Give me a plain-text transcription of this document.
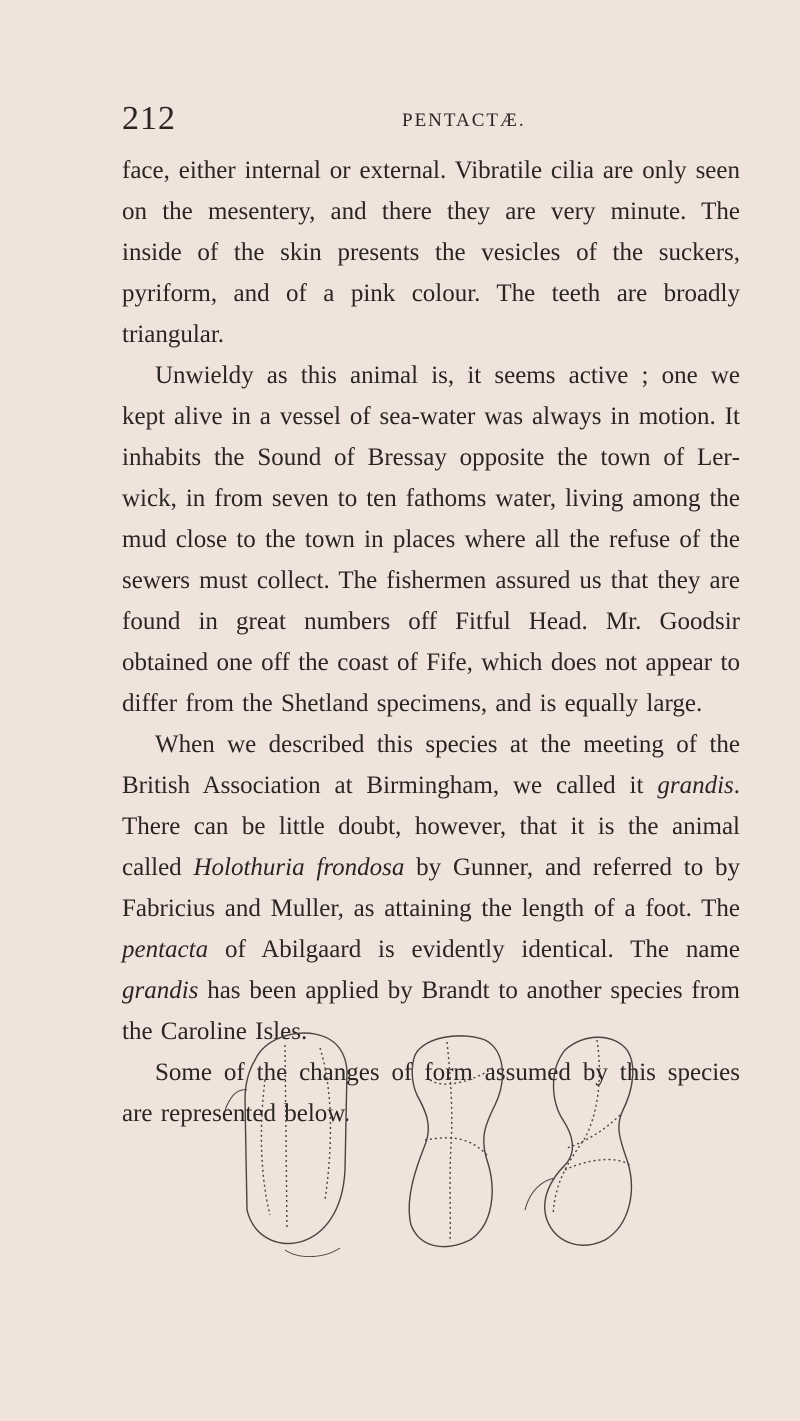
212	PENTACTÆ.

face, either internal or external. Vibratile cilia are only seen on the mesentery, and there they are very minute. The inside of the skin presents the vesicles of the suckers, pyriform, and of a pink colour. The teeth are broadly triangular.

Unwieldy as this animal is, it seems active ; one we kept alive in a vessel of sea-water was always in motion. It inhabits the Sound of Bressay opposite the town of Lerwick, in from seven to ten fathoms water, living among the mud close to the town in places where all the refuse of the sewers must collect. The fishermen assured us that they are found in great numbers off Fitful Head. Mr. Goodsir obtained one off the coast of Fife, which does not appear to differ from the Shetland specimens, and is equally large.

When we described this species at the meeting of the British Association at Birmingham, we called it grandis. There can be little doubt, however, that it is the animal called Holothuria frondosa by Gunner, and referred to by Fabricius and Muller, as attaining the length of a foot. The pentacta of Abilgaard is evidently identical. The name grandis has been applied by Brandt to another species from the Caroline Isles.

Some of the changes of form assumed by this species are represented below.
